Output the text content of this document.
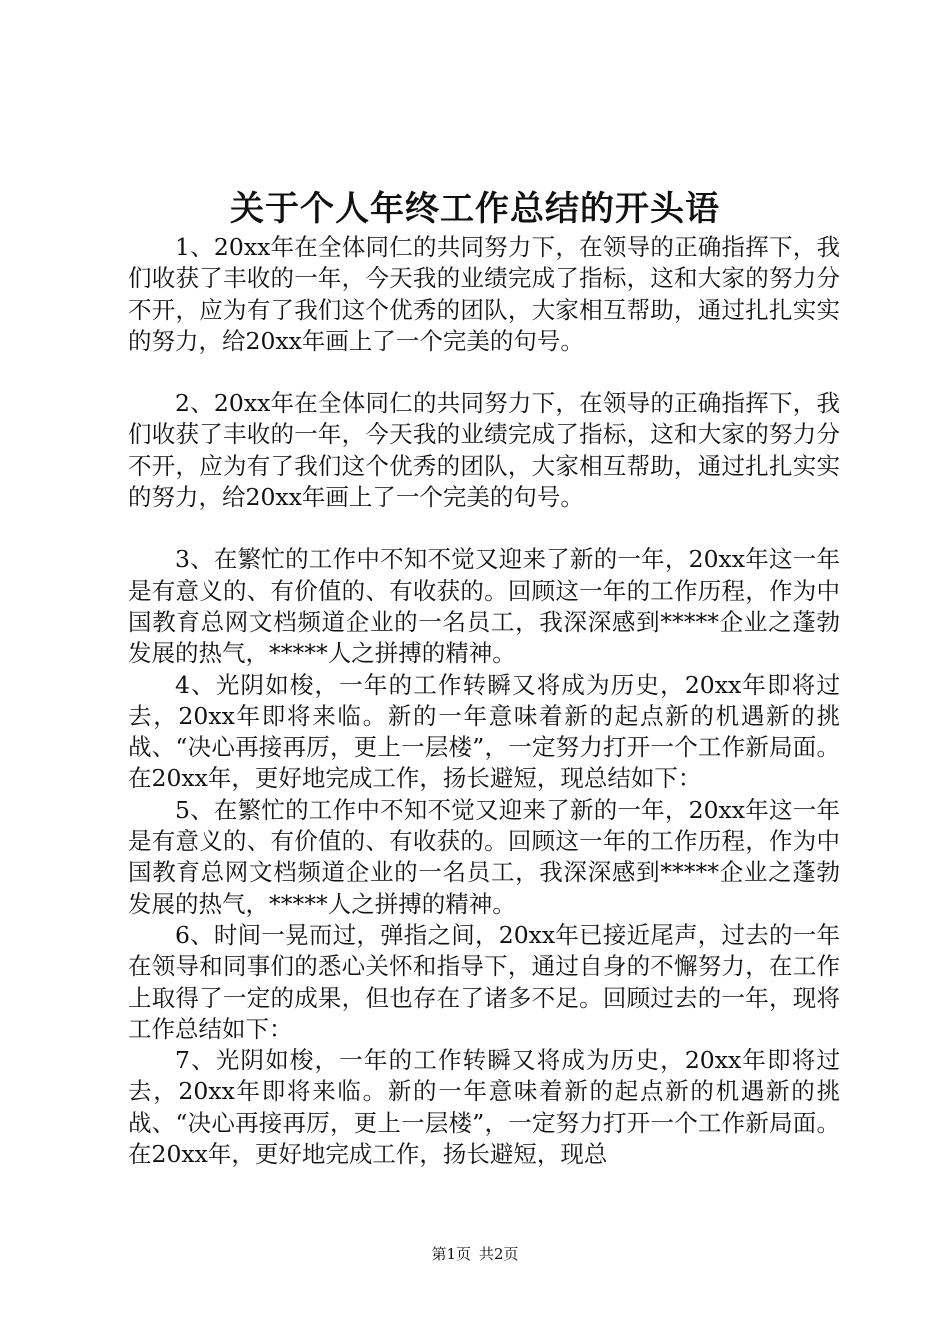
关于个人年终工作总结的开头语

1、20xx年在全体同仁的共同努力下，在领导的正确指挥下，我们收获了丰收的一年，今天我的业绩完成了指标，这和大家的努力分不开，应为有了我们这个优秀的团队，大家相互帮助，通过扎扎实实的努力，给20xx年画上了一个完美的句号。

2、20xx年在全体同仁的共同努力下，在领导的正确指挥下，我们收获了丰收的一年，今天我的业绩完成了指标，这和大家的努力分不开，应为有了我们这个优秀的团队，大家相互帮助，通过扎扎实实的努力，给20xx年画上了一个完美的句号。

3、在繁忙的工作中不知不觉又迎来了新的一年，20xx年这一年是有意义的、有价值的、有收获的。回顾这一年的工作历程，作为中国教育总网文档频道企业的一名员工，我深深感到*****企业之蓬勃发展的热气，*****人之拼搏的精神。

4、光阴如梭，一年的工作转瞬又将成为历史，20xx年即将过去，20xx年即将来临。新的一年意味着新的起点新的机遇新的挑战、“决心再接再厉，更上一层楼”，一定努力打开一个工作新局面。在20xx年，更好地完成工作，扬长避短，现总结如下：

5、在繁忙的工作中不知不觉又迎来了新的一年，20xx年这一年是有意义的、有价值的、有收获的。回顾这一年的工作历程，作为中国教育总网文档频道企业的一名员工，我深深感到*****企业之蓬勃发展的热气，*****人之拼搏的精神。

6、时间一晃而过，弹指之间，20xx年已接近尾声，过去的一年在领导和同事们的悉心关怀和指导下，通过自身的不懈努力，在工作上取得了一定的成果，但也存在了诸多不足。回顾过去的一年，现将工作总结如下：

7、光阴如梭，一年的工作转瞬又将成为历史，20xx年即将过去，20xx年即将来临。新的一年意味着新的起点新的机遇新的挑战、“决心再接再厉，更上一层楼”，一定努力打开一个工作新局面。在20xx年，更好地完成工作，扬长避短，现总

第1页 共2页
